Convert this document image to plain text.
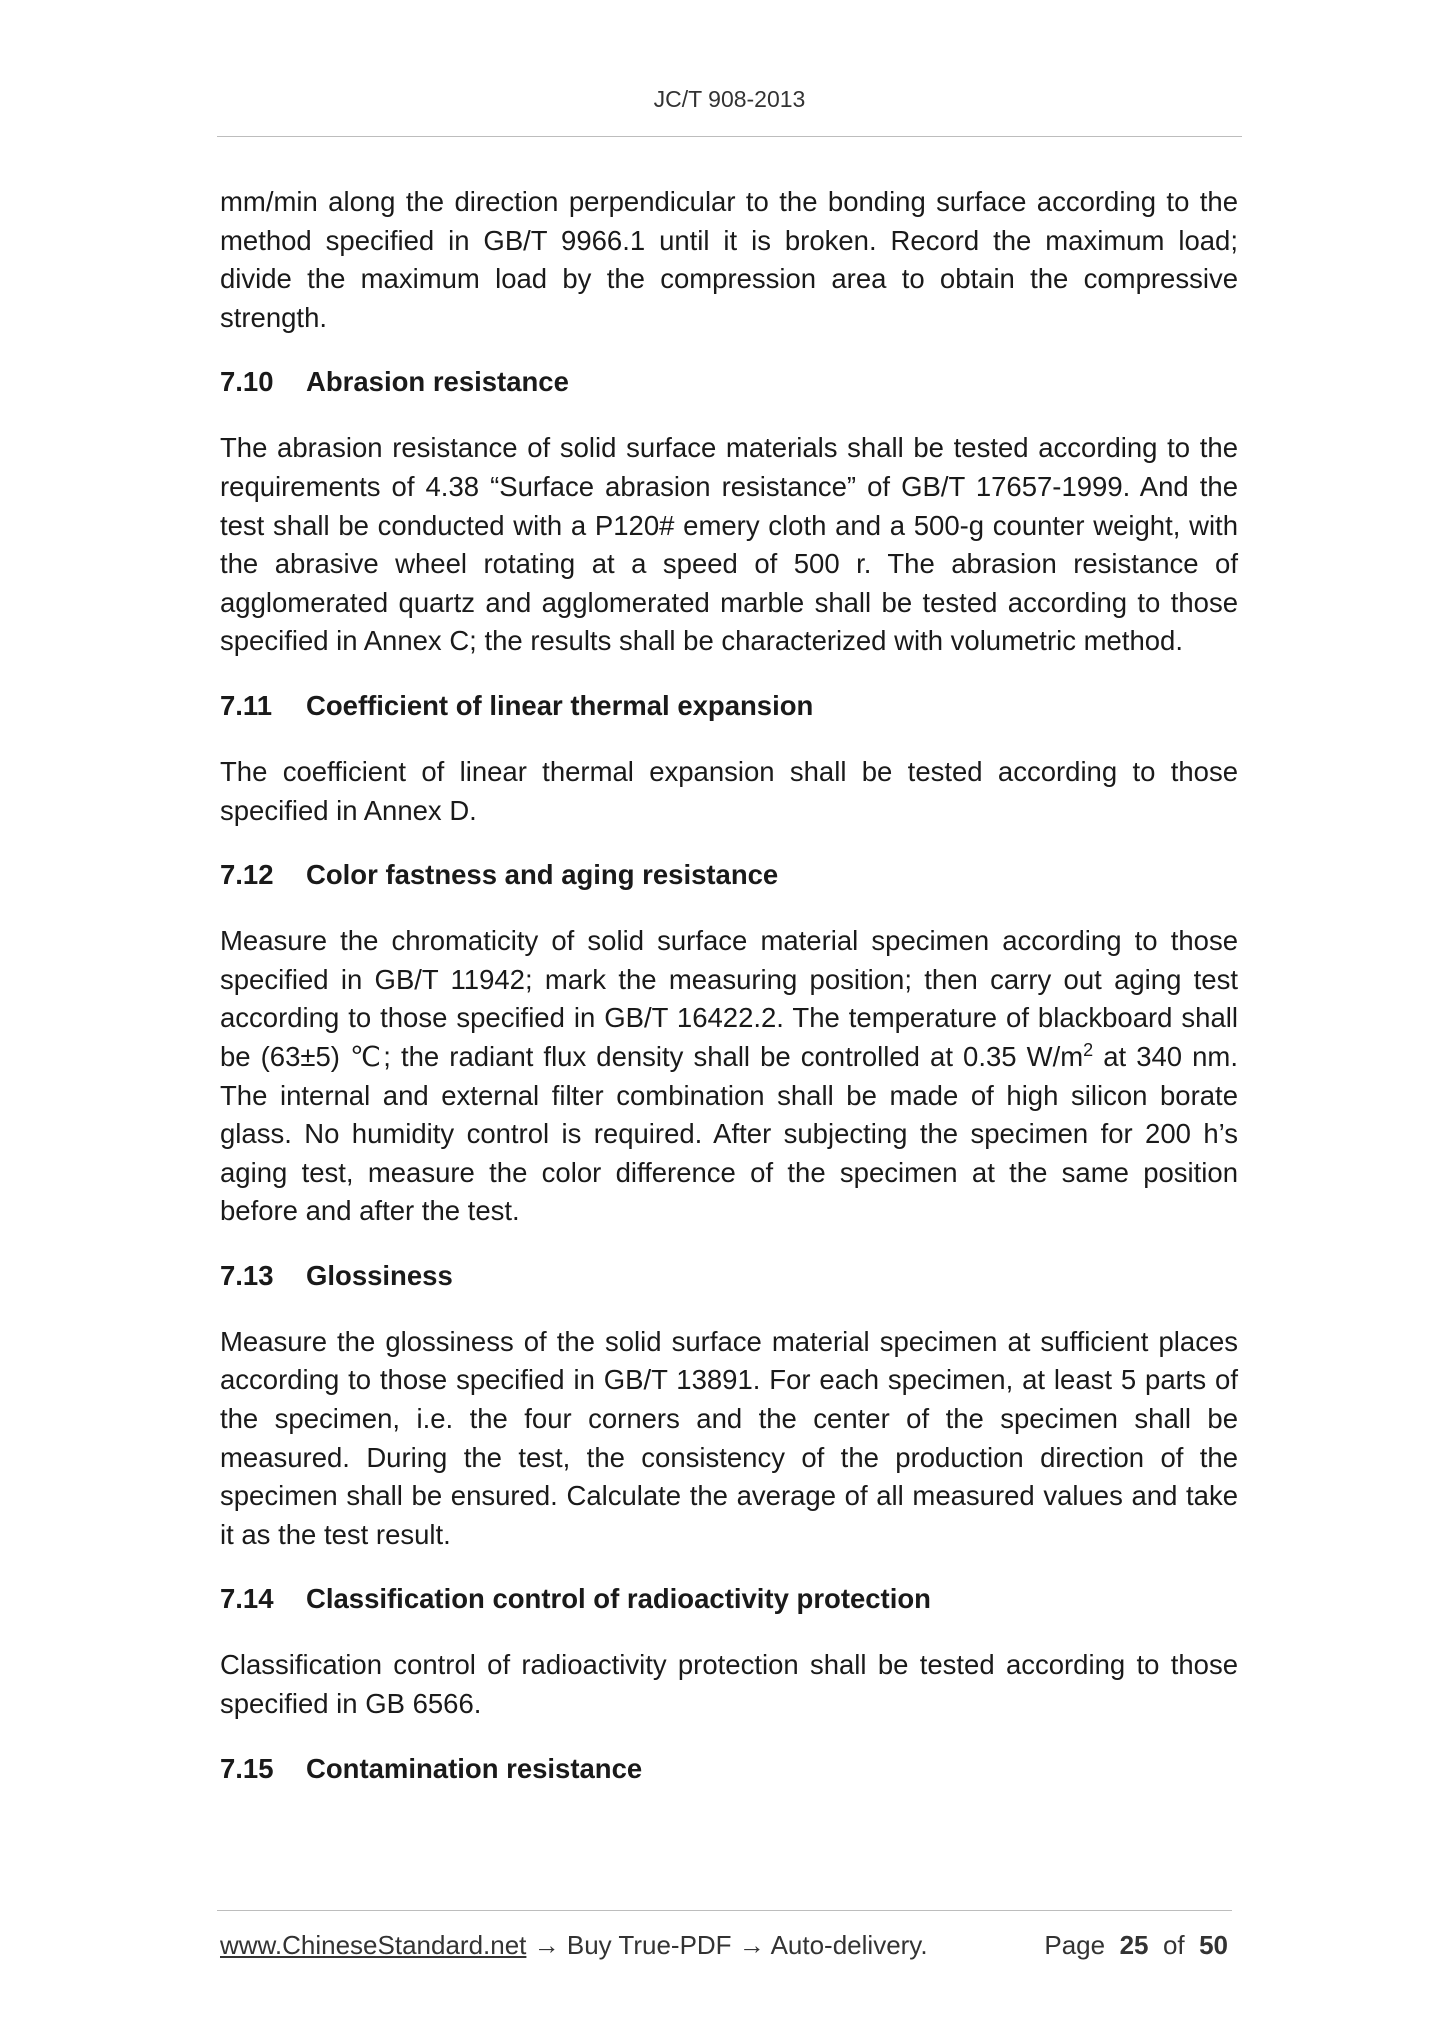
JC/T 908-2013

mm/min along the direction perpendicular to the bonding surface according to the method specified in GB/T 9966.1 until it is broken. Record the maximum load; divide the maximum load by the compression area to obtain the compressive strength.

7.10 Abrasion resistance

The abrasion resistance of solid surface materials shall be tested according to the requirements of 4.38 “Surface abrasion resistance” of GB/T 17657-1999. And the test shall be conducted with a P120# emery cloth and a 500-g counter weight, with the abrasive wheel rotating at a speed of 500 r. The abrasion resistance of agglomerated quartz and agglomerated marble shall be tested according to those specified in Annex C; the results shall be characterized with volumetric method.

7.11 Coefficient of linear thermal expansion

The coefficient of linear thermal expansion shall be tested according to those specified in Annex D.

7.12 Color fastness and aging resistance

Measure the chromaticity of solid surface material specimen according to those specified in GB/T 11942; mark the measuring position; then carry out aging test according to those specified in GB/T 16422.2. The temperature of blackboard shall be (63±5) ℃; the radiant flux density shall be controlled at 0.35 $W/m^2$ at 340 nm. The internal and external filter combination shall be made of high silicon borate glass. No humidity control is required. After subjecting the specimen for 200 h’s aging test, measure the color difference of the specimen at the same position before and after the test.

7.13 Glossiness

Measure the glossiness of the solid surface material specimen at sufficient places according to those specified in GB/T 13891. For each specimen, at least 5 parts of the specimen, i.e. the four corners and the center of the specimen shall be measured. During the test, the consistency of the production direction of the specimen shall be ensured. Calculate the average of all measured values and take it as the test result.

7.14 Classification control of radioactivity protection

Classification control of radioactivity protection shall be tested according to those specified in GB 6566.

7.15 Contamination resistance
www.ChineseStandard.net → Buy True-PDF → Auto-delivery.	Page 25 of 50
